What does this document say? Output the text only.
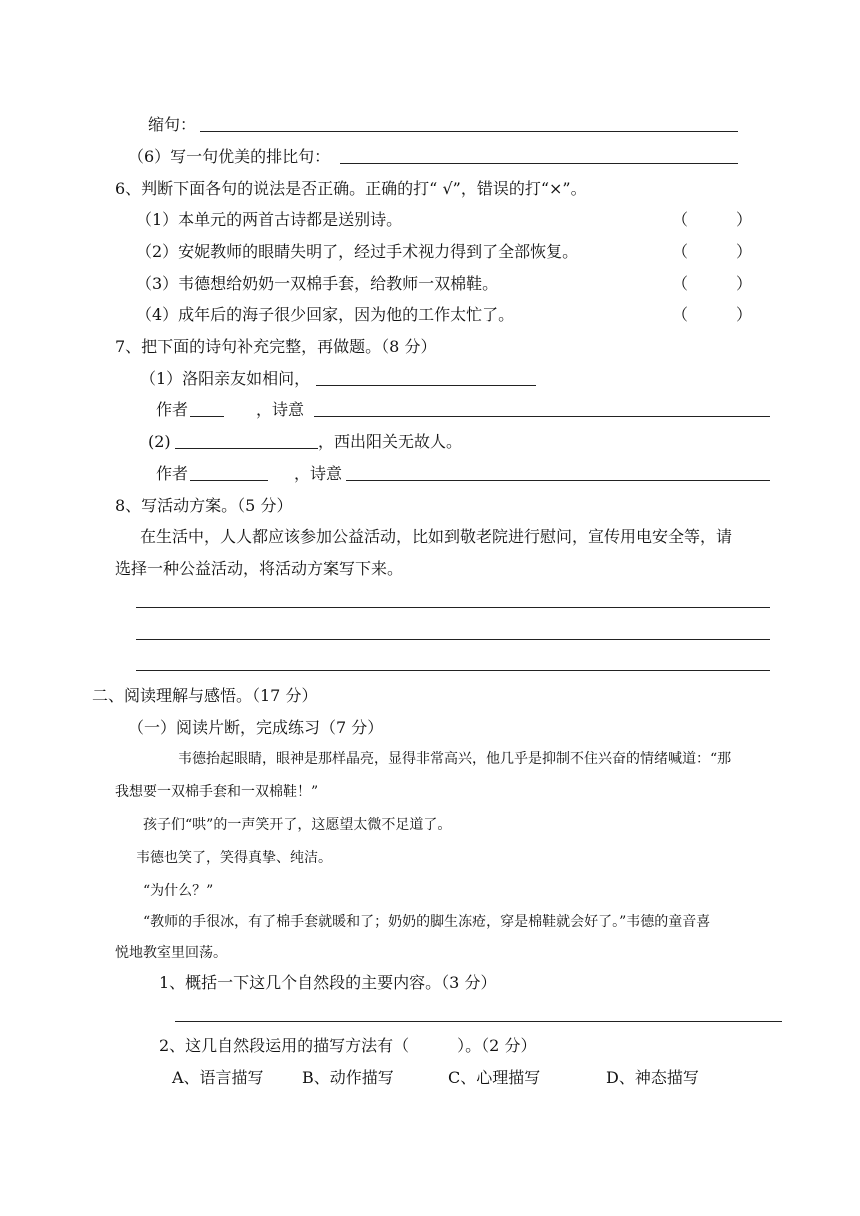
缩句：
（6）写一句优美的排比句：
6、判断下面各句的说法是否正确。正确的打“ √”，错误的打“×”。
（1）本单元的两首古诗都是送别诗。	（　　　）
（2）安妮教师的眼睛失明了，经过手术视力得到了全部恢复。	（　　　）
（3）韦德想给奶奶一双棉手套，给教师一双棉鞋。	（　　　）
（4）成年后的海子很少回家，因为他的工作太忙了。	（　　　）
7、把下面的诗句补充完整，再做题。（8 分）
（1）洛阳亲友如相问，
作者	，诗意
(2)	，西出阳关无故人。
作者	，诗意
8、写活动方案。（5 分）
在生活中，人人都应该参加公益活动，比如到敬老院进行慰问，宣传用电安全等，请
选择一种公益活动，将活动方案写下来。
二、阅读理解与感悟。（17 分）
（一）阅读片断，完成练习（7 分）
韦德抬起眼睛，眼神是那样晶亮，显得非常高兴，他几乎是抑制不住兴奋的情绪喊道：“那
我想要一双棉手套和一双棉鞋！”
孩子们“哄”的一声笑开了，这愿望太微不足道了。
韦德也笑了，笑得真挚、纯洁。
“为什么？”
“教师的手很冰，有了棉手套就暖和了；奶奶的脚生冻疮，穿是棉鞋就会好了。”韦德的童音喜
悦地教室里回荡。
1、概括一下这几个自然段的主要内容。（3 分）
2、这几自然段运用的描写方法有（　　　）。（2 分）
A、语言描写 B、动作描写	C、心理描写	D、神态描写
